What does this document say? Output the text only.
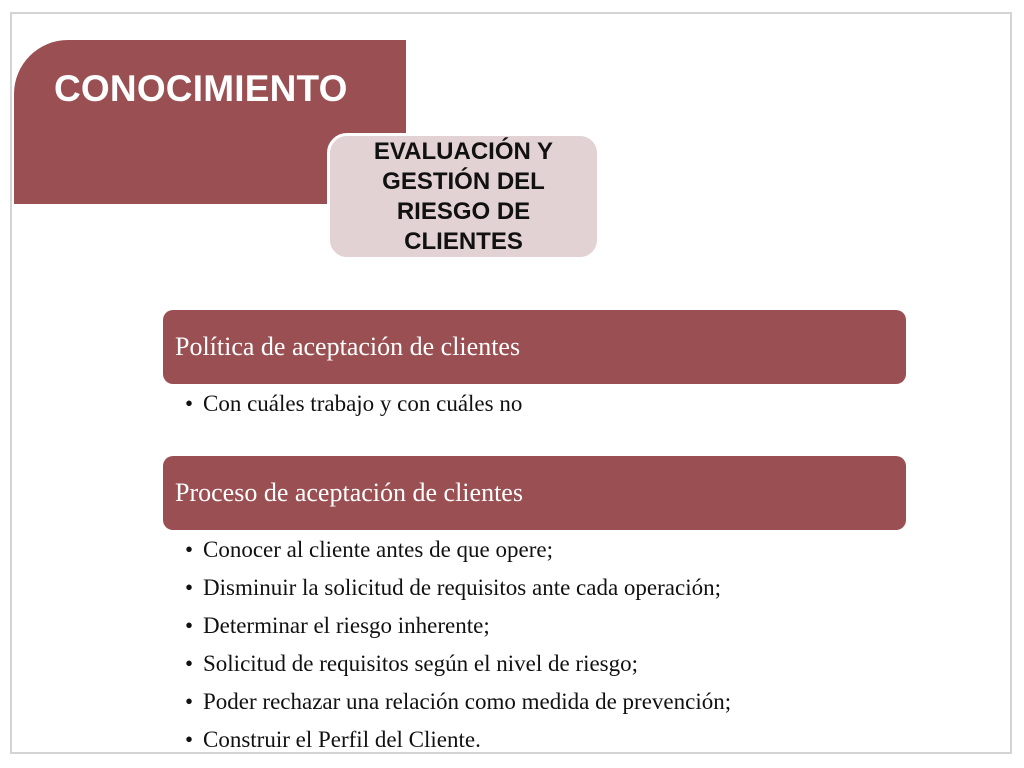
CONOCIMIENTO

EVALUACIÓN Y GESTIÓN DEL RIESGO DE CLIENTES

Política de aceptación de clientes
• Con cuáles trabajo y con cuáles no
Proceso de aceptación de clientes
• Conocer al cliente antes de que opere;
• Disminuir la solicitud de requisitos ante cada operación;
• Determinar el riesgo inherente;
• Solicitud de requisitos según el nivel de riesgo;
• Poder rechazar una relación como medida de prevención;
• Construir el Perfil del Cliente.
